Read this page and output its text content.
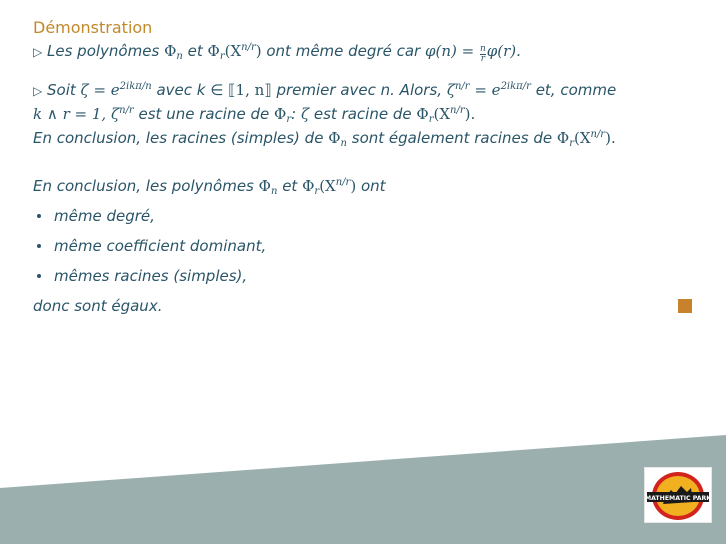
Démonstration
▷ Les polynômes $\Phi_n$ et $\Phi_r(X^{n/r})$ ont même degré car $\varphi(n) = \frac{n}{r} \varphi(r)$.
▷ Soit $\zeta = e^{2ik\pi/n}$ avec k ∈ ⟦1, n⟧ premier avec n. Alors, $\zeta^{n/r} = e^{2ik\pi/r}$ et, comme
k ∧ r = 1, $\zeta^{n/r}$ est une racine de $\Phi_r$: ζ est racine de $\Phi_r(X^{n/r})$.
En conclusion, les racines (simples) de $\Phi_n$ sont également racines de $\Phi_r(X^{n/r})$.
En conclusion, les polynômes $\Phi_n$ et $\Phi_r(X^{n/r})$ ont
même degré,
même coefficient dominant,
mêmes racines (simples),
donc sont égaux.
MATHEMATIC PARK
